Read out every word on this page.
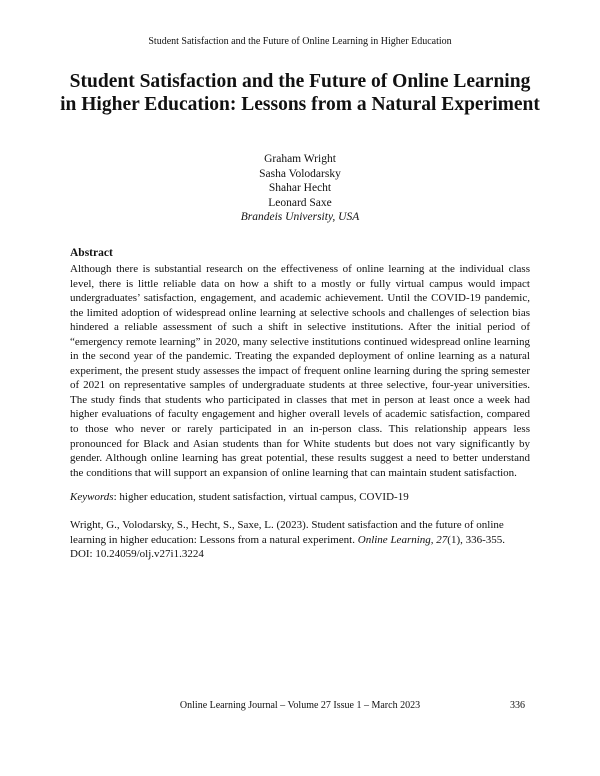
Student Satisfaction and the Future of Online Learning in Higher Education
Student Satisfaction and the Future of Online Learning in Higher Education: Lessons from a Natural Experiment
Graham Wright
Sasha Volodarsky
Shahar Hecht
Leonard Saxe
Brandeis University, USA
Abstract

Although there is substantial research on the effectiveness of online learning at the individual class level, there is little reliable data on how a shift to a mostly or fully virtual campus would impact undergraduates’ satisfaction, engagement, and academic achievement. Until the COVID-19 pandemic, the limited adoption of widespread online learning at selective schools and challenges of selection bias hindered a reliable assessment of such a shift in selective institutions. After the initial period of “emergency remote learning” in 2020, many selective institutions continued widespread online learning in the second year of the pandemic. Treating the expanded deployment of online learning as a natural experiment, the present study assesses the impact of frequent online learning during the spring semester of 2021 on representative samples of undergraduate students at three selective, four-year universities. The study finds that students who participated in classes that met in person at least once a week had higher evaluations of faculty engagement and higher overall levels of academic satisfaction, compared to those who never or rarely participated in an in-person class. This relationship appears less pronounced for Black and Asian students than for White students but does not vary significantly by gender. Although online learning has great potential, these results suggest a need to better understand the conditions that will support an expansion of online learning that can maintain student satisfaction.

Keywords: higher education, student satisfaction, virtual campus, COVID-19
Wright, G., Volodarsky, S., Hecht, S., Saxe, L. (2023). Student satisfaction and the future of online learning in higher education: Lessons from a natural experiment. Online Learning, 27(1), 336-355. DOI: 10.24059/olj.v27i1.3224
Online Learning Journal – Volume 27 Issue 1 – March 2023	336
